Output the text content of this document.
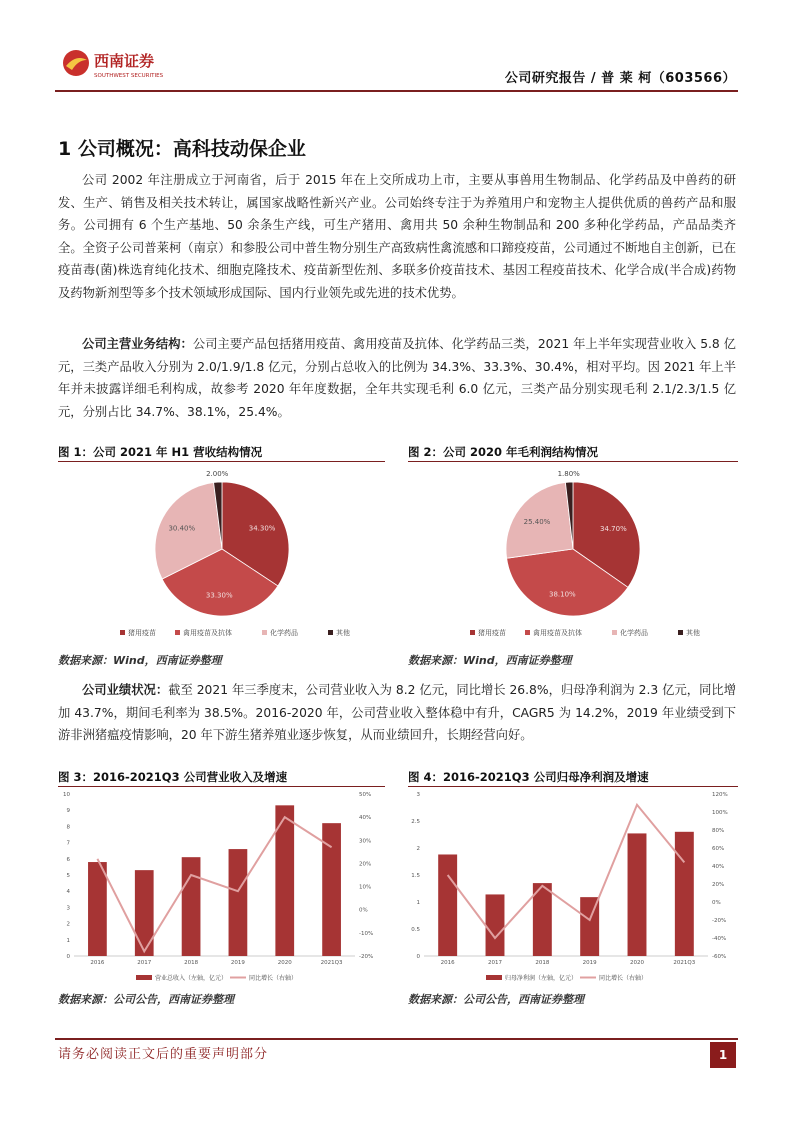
西南证券
SOUTHWEST SECURITIES	公司研究报告 / 普 莱 柯（603566）
1 公司概况：高科技动保企业
公司 2002 年注册成立于河南省，后于 2015 年在上交所成功上市，主要从事兽用生物制品、化学药品及中兽药的研发、生产、销售及相关技术转让，属国家战略性新兴产业。公司始终专注于为养殖用户和宠物主人提供优质的兽药产品和服务。公司拥有 6 个生产基地、50 余条生产线，可生产猪用、禽用共 50 余种生物制品和 200 多种化学药品，产品品类齐全。全资子公司普莱柯（南京）和参股公司中普生物分别生产高致病性禽流感和口蹄疫疫苗，公司通过不断地自主创新，已在疫苗毒(菌)株选育纯化技术、细胞克隆技术、疫苗新型佐剂、多联多价疫苗技术、基因工程疫苗技术、化学合成(半合成)药物及药物新剂型等多个技术领域形成国际、国内行业领先或先进的技术优势。
公司主营业务结构：公司主要产品包括猪用疫苗、禽用疫苗及抗体、化学药品三类，2021 年上半年实现营业收入 5.8 亿元，三类产品收入分别为 2.0/1.9/1.8 亿元，分别占总收入的比例为 34.3%、33.3%、30.4%，相对平均。因 2021 年上半年并未披露详细毛利构成，故参考 2020 年年度数据，全年共实现毛利 6.0 亿元，三类产品分别实现毛利 2.1/2.3/1.5 亿元，分别占比 34.7%、38.1%，25.4%。
图 1：公司 2021 年 H1 营收结构情况
34.30%
33.30%
30.40%
2.00%
猪用疫苗	禽用疫苗及抗体	化学药品	其他
数据来源：Wind，西南证券整理
图 2：公司 2020 年毛利润结构情况
34.70%
38.10%
25.40%
1.80%
猪用疫苗	禽用疫苗及抗体	化学药品	其他
数据来源：Wind，西南证券整理
公司业绩状况：截至 2021 年三季度末，公司营业收入为 8.2 亿元，同比增长 26.8%，归母净利润为 2.3 亿元，同比增加 43.7%，期间毛利率为 38.5%。2016-2020 年，公司营业收入整体稳中有升，CAGR5 为 14.2%，2019 年业绩受到下游非洲猪瘟疫情影响，20 年下游生猪养殖业逐步恢复，从而业绩回升，长期经营向好。
图 3：2016-2021Q3 公司营业收入及增速
0
1
2
3
4
5
6
7
8
9
10
-20%
-10%
0%
10%
20%
30%
40%
50%
2016	2017	2018	2019	2020	2021Q3
营业总收入（左轴，亿元）	同比增长（右轴）
数据来源：公司公告，西南证券整理
图 4：2016-2021Q3 公司归母净利润及增速
0
0.5
1
1.5
2
2.5
3
-60%
-40%
-20%
0%
20%
40%
60%
80%
100%
120%
2016	2017	2018	2019	2020	2021Q3
归母净利润（左轴，亿元）	同比增长（右轴）
数据来源：公司公告，西南证券整理
请务必阅读正文后的重要声明部分	1
